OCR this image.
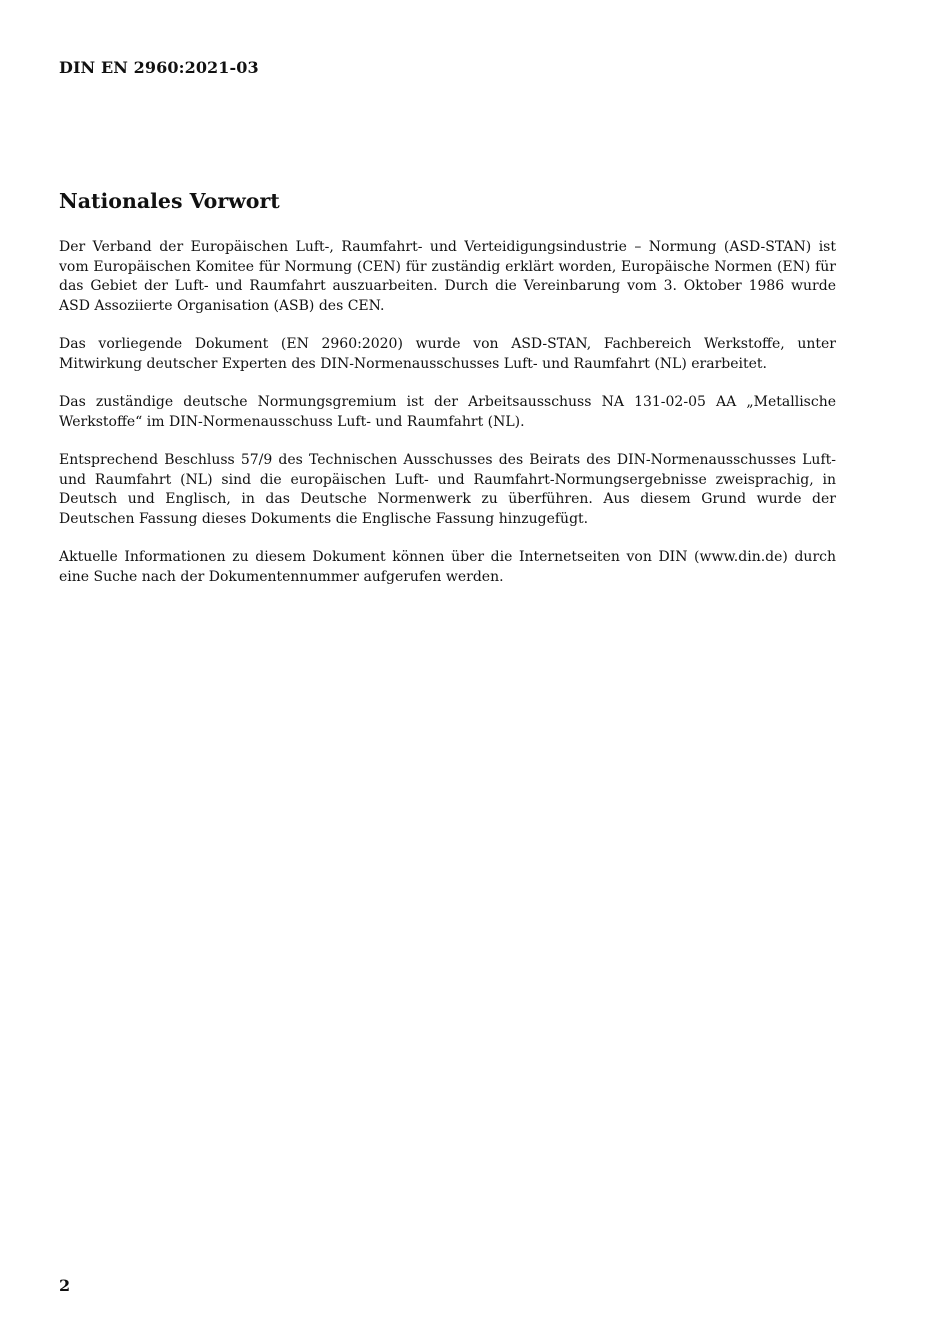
DIN EN 2960:2021-03
Nationales Vorwort

Der Verband der Europäischen Luft-, Raumfahrt- und Verteidigungsindustrie – Normung (ASD-STAN) ist vom Europäischen Komitee für Normung (CEN) für zuständig erklärt worden, Europäische Normen (EN) für das Gebiet der Luft- und Raumfahrt auszuarbeiten. Durch die Vereinbarung vom 3. Oktober 1986 wurde ASD Assoziierte Organisation (ASB) des CEN.

Das vorliegende Dokument (EN 2960:2020) wurde von ASD-STAN, Fachbereich Werkstoffe, unter Mitwirkung deutscher Experten des DIN-Normenausschusses Luft- und Raumfahrt (NL) erarbeitet.

Das zuständige deutsche Normungsgremium ist der Arbeitsausschuss NA 131-02-05 AA „Metallische Werkstoffe“ im DIN-Normenausschuss Luft- und Raumfahrt (NL).

Entsprechend Beschluss 57/9 des Technischen Ausschusses des Beirats des DIN-Normenausschusses Luft- und Raumfahrt (NL) sind die europäischen Luft- und Raumfahrt-Normungsergebnisse zweisprachig, in Deutsch und Englisch, in das Deutsche Normenwerk zu überführen. Aus diesem Grund wurde der Deutschen Fassung dieses Dokuments die Englische Fassung hinzugefügt.

Aktuelle Informationen zu diesem Dokument können über die Internetseiten von DIN (www.din.de) durch eine Suche nach der Dokumentennummer aufgerufen werden.

2
